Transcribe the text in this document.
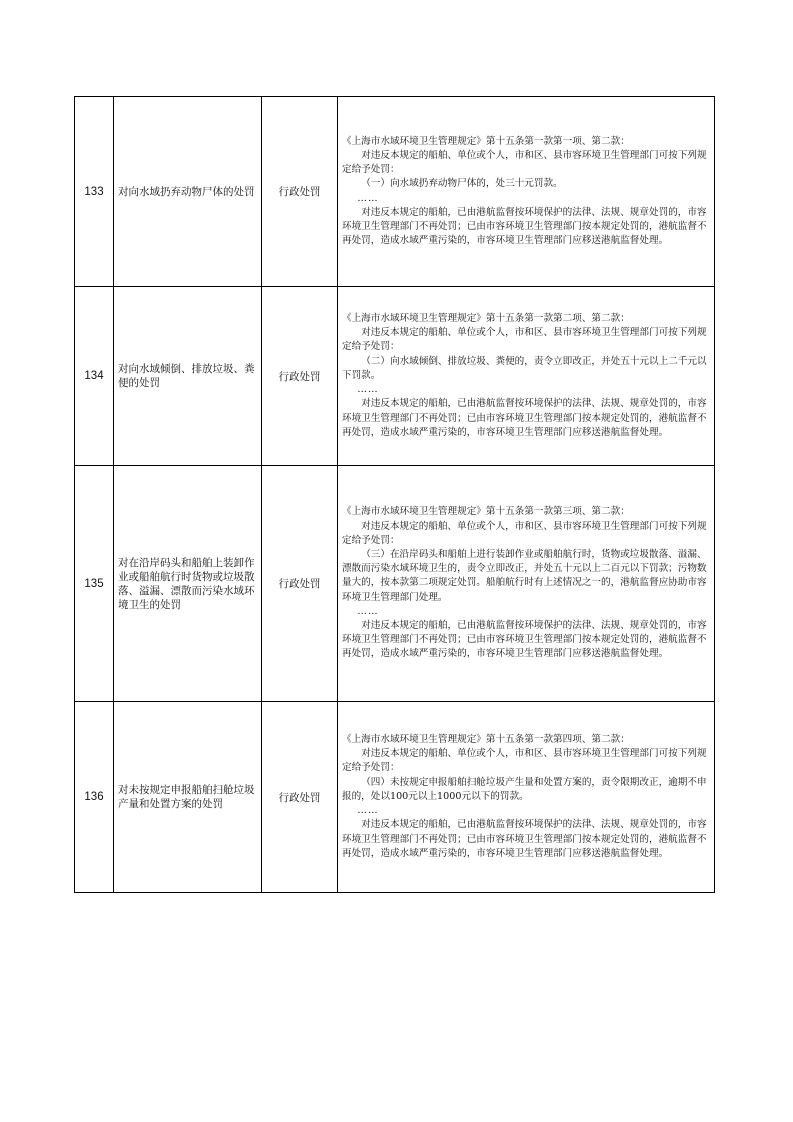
133	对向水域扔弃动物尸体的处罚	行政处罚	《上海市水域环境卫生管理规定》第十五条第一款第一项、第二款：

对违反本规定的船舶、单位或个人，市和区、县市容环境卫生管理部门可按下列规定给予处罚：

（一）向水域扔弃动物尸体的，处三十元罚款。

……

对违反本规定的船舶，已由港航监督按环境保护的法律、法规、规章处罚的，市容环境卫生管理部门不再处罚；已由市容环境卫生管理部门按本规定处罚的，港航监督不再处罚，造成水域严重污染的，市容环境卫生管理部门应移送港航监督处理。

134	对向水域倾倒、排放垃圾、粪便的处罚	行政处罚	《上海市水域环境卫生管理规定》第十五条第一款第二项、第二款：

对违反本规定的船舶、单位或个人，市和区、县市容环境卫生管理部门可按下列规定给予处罚：

（二）向水域倾倒、排放垃圾、粪便的，责令立即改正，并处五十元以上二千元以下罚款。

……

对违反本规定的船舶，已由港航监督按环境保护的法律、法规、规章处罚的，市容环境卫生管理部门不再处罚；已由市容环境卫生管理部门按本规定处罚的，港航监督不再处罚，造成水域严重污染的，市容环境卫生管理部门应移送港航监督处理。

135	对在沿岸码头和船舶上装卸作业或船舶航行时货物或垃圾散落、溢漏、漂散而污染水域环境卫生的处罚	行政处罚	《上海市水域环境卫生管理规定》第十五条第一款第三项、第二款：

对违反本规定的船舶、单位或个人，市和区、县市容环境卫生管理部门可按下列规定给予处罚：

（三）在沿岸码头和船舶上进行装卸作业或船舶航行时，货物或垃圾散落、溢漏、漂散而污染水域环境卫生的，责令立即改正，并处五十元以上二百元以下罚款；污物数量大的，按本款第二项规定处罚。船舶航行时有上述情况之一的，港航监督应协助市容环境卫生管理部门处理。

……

对违反本规定的船舶，已由港航监督按环境保护的法律、法规、规章处罚的，市容环境卫生管理部门不再处罚；已由市容环境卫生管理部门按本规定处罚的，港航监督不再处罚，造成水域严重污染的，市容环境卫生管理部门应移送港航监督处理。

136	对未按规定申报船舶扫舱垃圾产量和处置方案的处罚	行政处罚	《上海市水域环境卫生管理规定》第十五条第一款第四项、第二款：

对违反本规定的船舶、单位或个人，市和区、县市容环境卫生管理部门可按下列规定给予处罚：

（四）未按规定申报船舶扫舱垃圾产生量和处置方案的，责令限期改正，逾期不申报的，处以100元以上1000元以下的罚款。

……

对违反本规定的船舶，已由港航监督按环境保护的法律、法规、规章处罚的，市容环境卫生管理部门不再处罚；已由市容环境卫生管理部门按本规定处罚的，港航监督不再处罚，造成水域严重污染的，市容环境卫生管理部门应移送港航监督处理。
